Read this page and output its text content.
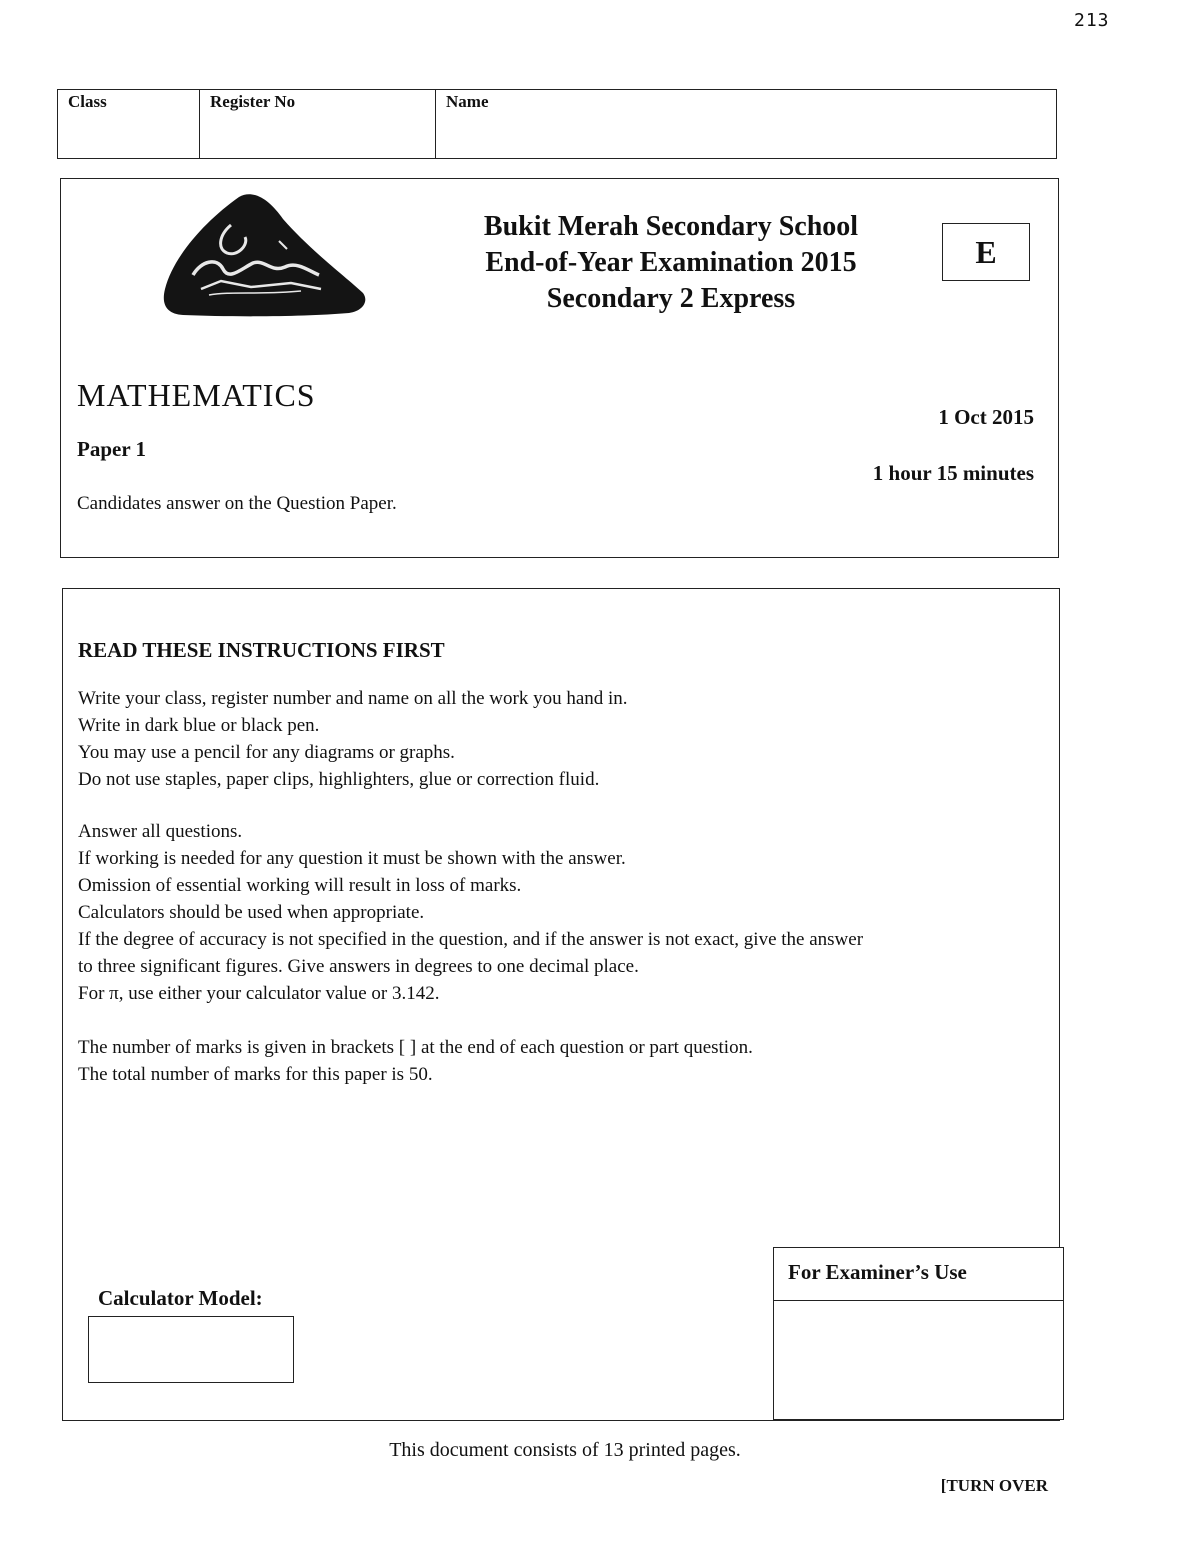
213
Class	Register No	Name
Bukit Merah Secondary School
End-of-Year Examination 2015
Secondary 2 Express
E
MATHEMATICS
Paper 1
Candidates answer on the Question Paper.
1 Oct 2015
1 hour 15 minutes
READ THESE INSTRUCTIONS FIRST
Write your class, register number and name on all the work you hand in.
Write in dark blue or black pen.
You may use a pencil for any diagrams or graphs.
Do not use staples, paper clips, highlighters, glue or correction fluid.
Answer all questions.
If working is needed for any question it must be shown with the answer.
Omission of essential working will result in loss of marks.
Calculators should be used when appropriate.
If the degree of accuracy is not specified in the question, and if the answer is not exact, give the answer
to three significant figures. Give answers in degrees to one decimal place.
For π, use either your calculator value or 3.142.
The number of marks is given in brackets [ ] at the end of each question or part question.
The total number of marks for this paper is 50.
Calculator Model:
For Examiner’s Use
This document consists of 13 printed pages.
[TURN OVER
